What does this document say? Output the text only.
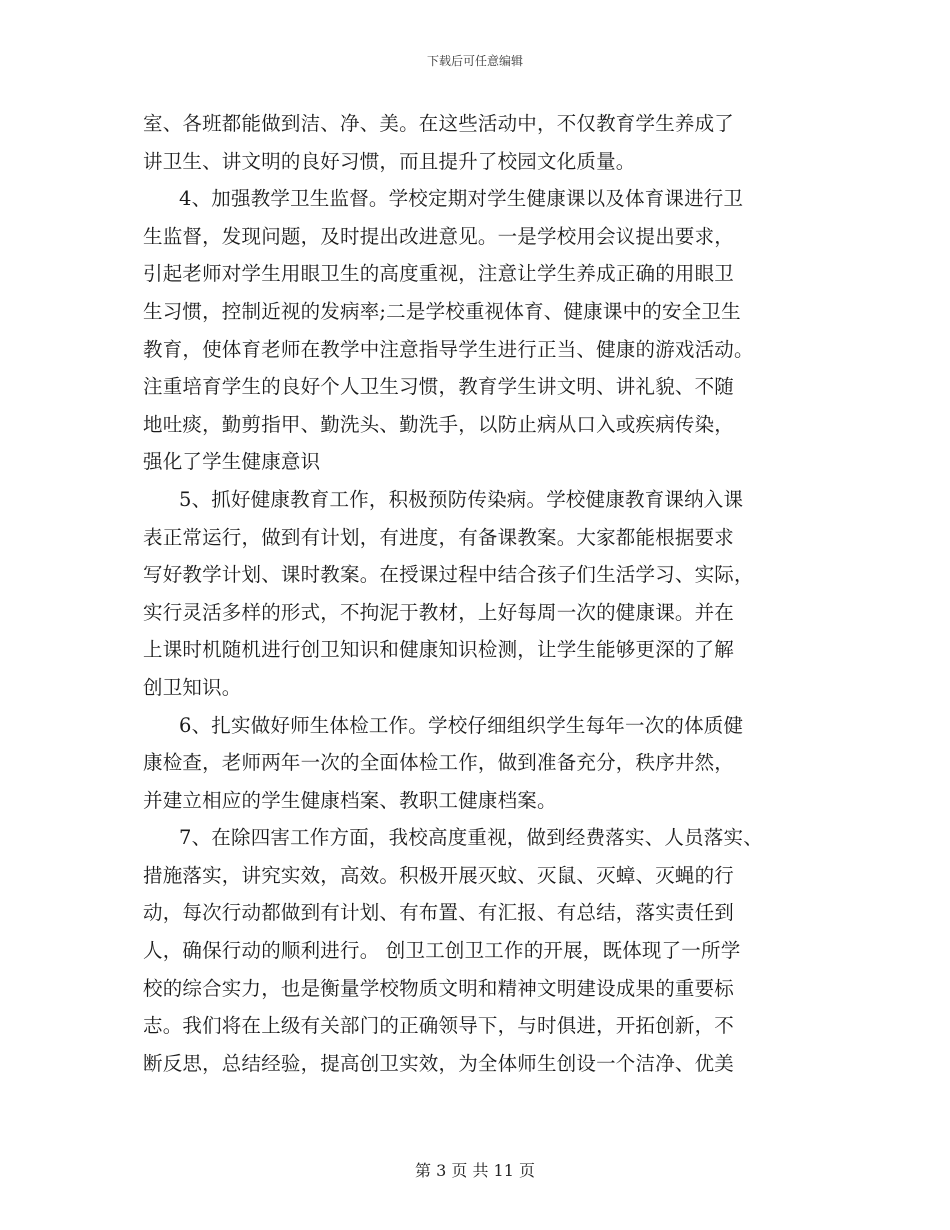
下载后可任意编辑
室、各班都能做到洁、净、美。在这些活动中，不仅教育学生养成了
讲卫生、讲文明的良好习惯，而且提升了校园文化质量。
4、加强教学卫生监督。学校定期对学生健康课以及体育课进行卫
生监督，发现问题，及时提出改进意见。一是学校用会议提出要求，
引起老师对学生用眼卫生的高度重视，注意让学生养成正确的用眼卫
生习惯，控制近视的发病率;二是学校重视体育、健康课中的安全卫生
教育，使体育老师在教学中注意指导学生进行正当、健康的游戏活动。
注重培育学生的良好个人卫生习惯，教育学生讲文明、讲礼貌、不随
地吐痰，勤剪指甲、勤洗头、勤洗手，以防止病从口入或疾病传染，
强化了学生健康意识
5、抓好健康教育工作，积极预防传染病。学校健康教育课纳入课
表正常运行，做到有计划，有进度，有备课教案。大家都能根据要求
写好教学计划、课时教案。在授课过程中结合孩子们生活学习、实际，
实行灵活多样的形式，不拘泥于教材，上好每周一次的健康课。并在
上课时机随机进行创卫知识和健康知识检测，让学生能够更深的了解
创卫知识。
6、扎实做好师生体检工作。学校仔细组织学生每年一次的体质健
康检查，老师两年一次的全面体检工作，做到准备充分，秩序井然，
并建立相应的学生健康档案、教职工健康档案。
7、在除四害工作方面，我校高度重视，做到经费落实、人员落实、
措施落实，讲究实效，高效。积极开展灭蚊、灭鼠、灭蟑、灭蝇的行
动，每次行动都做到有计划、有布置、有汇报、有总结，落实责任到
人，确保行动的顺利进行。 创卫工创卫工作的开展，既体现了一所学
校的综合实力，也是衡量学校物质文明和精神文明建设成果的重要标
志。我们将在上级有关部门的正确领导下，与时俱进，开拓创新，不
断反思，总结经验，提高创卫实效，为全体师生创设一个洁净、优美
第 3 页 共 11 页
